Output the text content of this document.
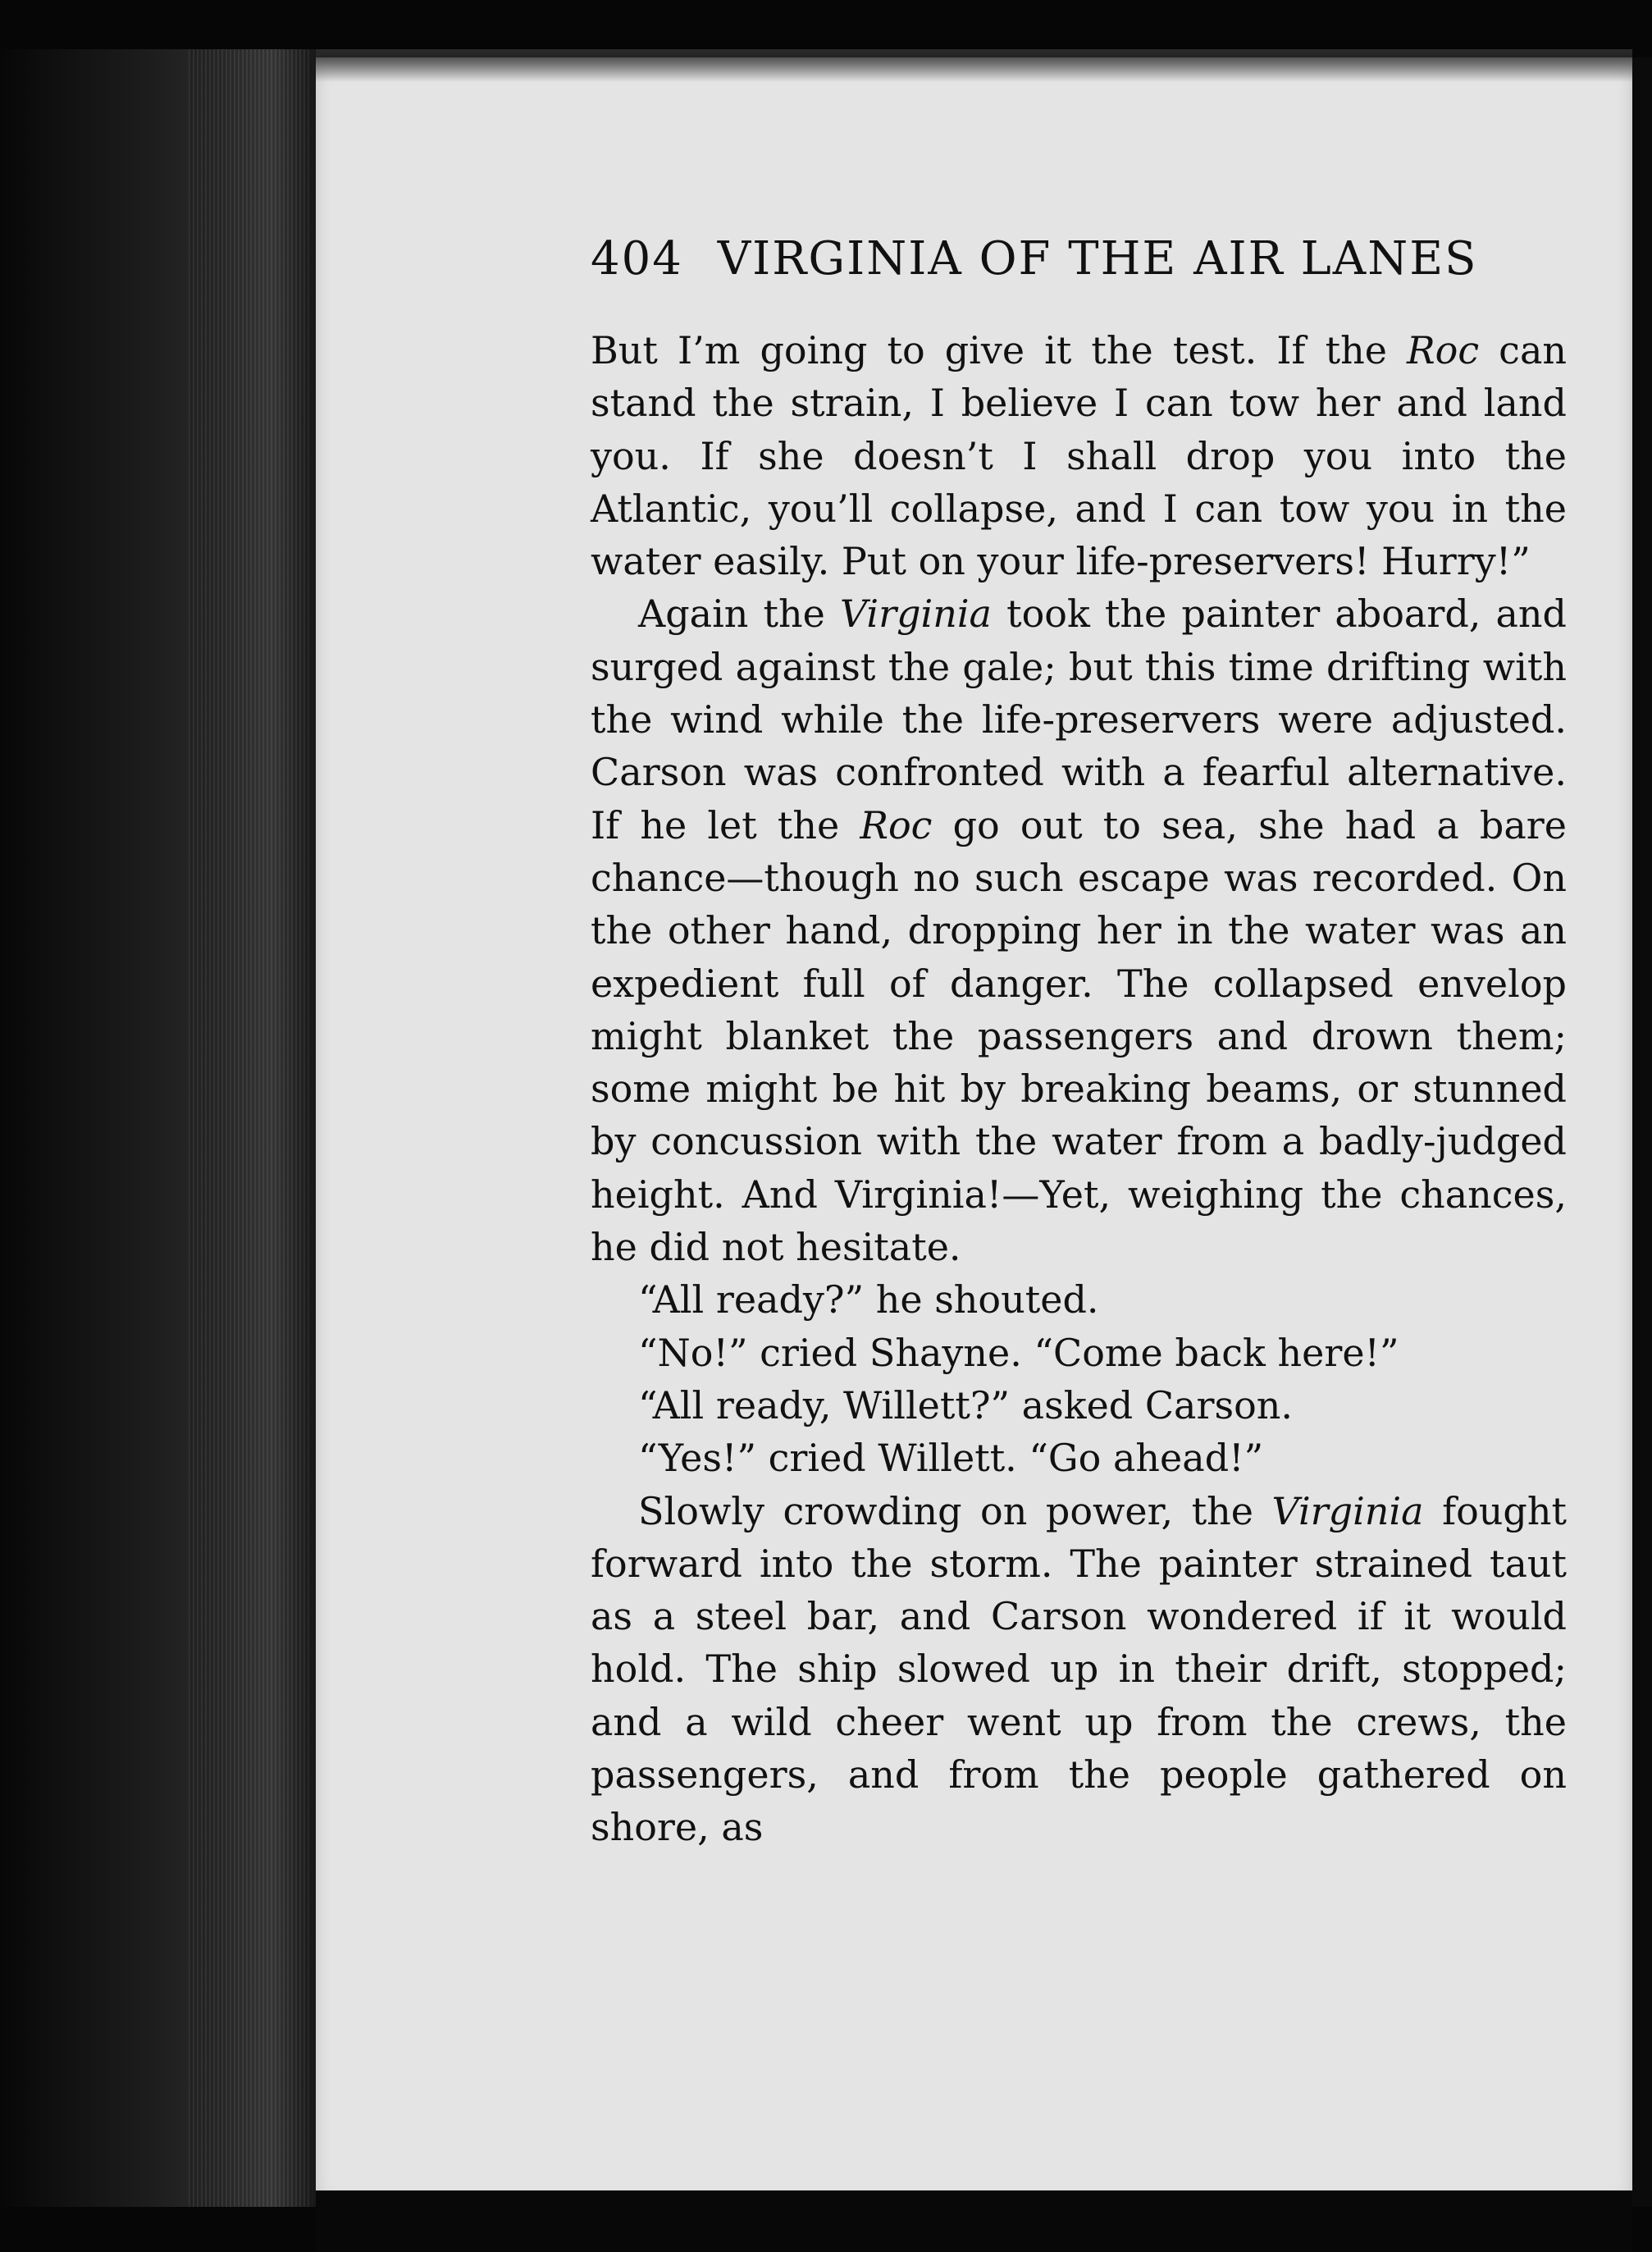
404 VIRGINIA OF THE AIR LANES

But I’m going to give it the test. If the Roc can stand the strain, I believe I can tow her and land you. If she doesn’t I shall drop you into the Atlantic, you’ll collapse, and I can tow you in the water easily. Put on your life-preservers! Hurry!”

Again the Virginia took the painter aboard, and surged against the gale; but this time drifting with the wind while the life-preservers were adjusted. Carson was confronted with a fearful alternative. If he let the Roc go out to sea, she had a bare chance—though no such escape was recorded. On the other hand, dropping her in the water was an expedient full of danger. The collapsed envelop might blanket the passengers and drown them; some might be hit by breaking beams, or stunned by concussion with the water from a badly-judged height. And Virginia!—Yet, weighing the chances, he did not hesitate.

“All ready?” he shouted.

“No!” cried Shayne. “Come back here!”

“All ready, Willett?” asked Carson.

“Yes!” cried Willett. “Go ahead!”

Slowly crowding on power, the Virginia fought forward into the storm. The painter strained taut as a steel bar, and Carson wondered if it would hold. The ship slowed up in their drift, stopped; and a wild cheer went up from the crews, the passengers, and from the people gathered on shore, as
